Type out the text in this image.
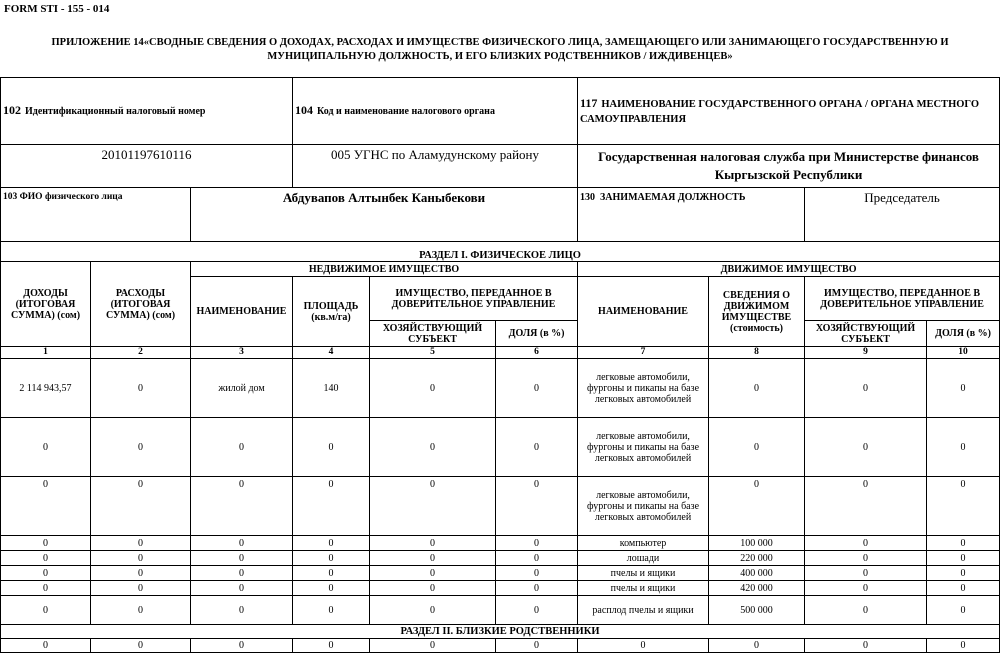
FORM STI - 155 - 014
ПРИЛОЖЕНИЕ 14«СВОДНЫЕ СВЕДЕНИЯ О ДОХОДАХ, РАСХОДАХ И ИМУЩЕСТВЕ ФИЗИЧЕСКОГО ЛИЦА, ЗАМЕЩАЮЩЕГО ИЛИ ЗАНИМАЮЩЕГО ГОСУДАРСТВЕННУЮ И МУНИЦИПАЛЬНУЮ ДОЛЖНОСТЬ, И ЕГО БЛИЗКИХ РОДСТВЕННИКОВ / ИЖДИВЕНЦЕВ»
102 Идентификационный налоговый номер			104 Код и наименование налогового органа			117 НАИМЕНОВАНИЕ ГОСУДАРСТВЕННОГО ОРГАНА / ОРГАНА МЕСТНОГО САМОУПРАВЛЕНИЯ			
20101197610116			005 УГНС по Аламудунскому району			Государственная налоговая служба при Министерстве финансов Кыргызской Республики			
103 ФИО физического лица		Абдувапов Алтынбек Каныбекови				130 ЗАНИМАЕМАЯ ДОЛЖНОСТЬ		Председатель	
РАЗДЕЛ I. ФИЗИЧЕСКОЕ ЛИЦО									
ДОХОДЫ (ИТОГОВАЯ СУММА) (сом)	РАСХОДЫ (ИТОГОВАЯ СУММА) (сом)	НЕДВИЖИМОЕ ИМУЩЕСТВО				ДВИЖИМОЕ ИМУЩЕСТВО			
		НАИМЕНОВАНИЕ	ПЛОЩАДЬ (кв.м/га)	ИМУЩЕСТВО, ПЕРЕДАННОЕ В ДОВЕРИТЕЛЬНОЕ УПРАВЛЕНИЕ		НАИМЕНОВАНИЕ	СВЕДЕНИЯ О ДВИЖИМОМ ИМУЩЕСТВЕ (стоимость)	ИМУЩЕСТВО, ПЕРЕДАННОЕ В ДОВЕРИТЕЛЬНОЕ УПРАВЛЕНИЕ	
				ХОЗЯЙСТВУЮЩИЙ СУБЪЕКТ	ДОЛЯ (в %)			ХОЗЯЙСТВУЮЩИЙ СУБЪЕКТ	ДОЛЯ (в %)

1	2	3	4	5	6	7	8	9	10
2 114 943,57	0	жилой дом	140	0	0	легковые автомобили, фургоны и пикапы на базе легковых автомобилей	0	0	0
0	0	0	0	0	0	легковые автомобили, фургоны и пикапы на базе легковых автомобилей	0	0	0
0	0	0	0	0	0	легковые автомобили, фургоны и пикапы на базе легковых автомобилей	0	0	0
0	0	0	0	0	0	компьютер	100 000	0	0
0	0	0	0	0	0	лошади	220 000	0	0
0	0	0	0	0	0	пчелы и ящики	400 000	0	0
0	0	0	0	0	0	пчелы и ящики	420 000	0	0
0	0	0	0	0	0	расплод пчелы и ящики	500 000	0	0
РАЗДЕЛ II. БЛИЗКИЕ РОДСТВЕННИКИ									
0	0	0	0	0	0	0	0	0	0
